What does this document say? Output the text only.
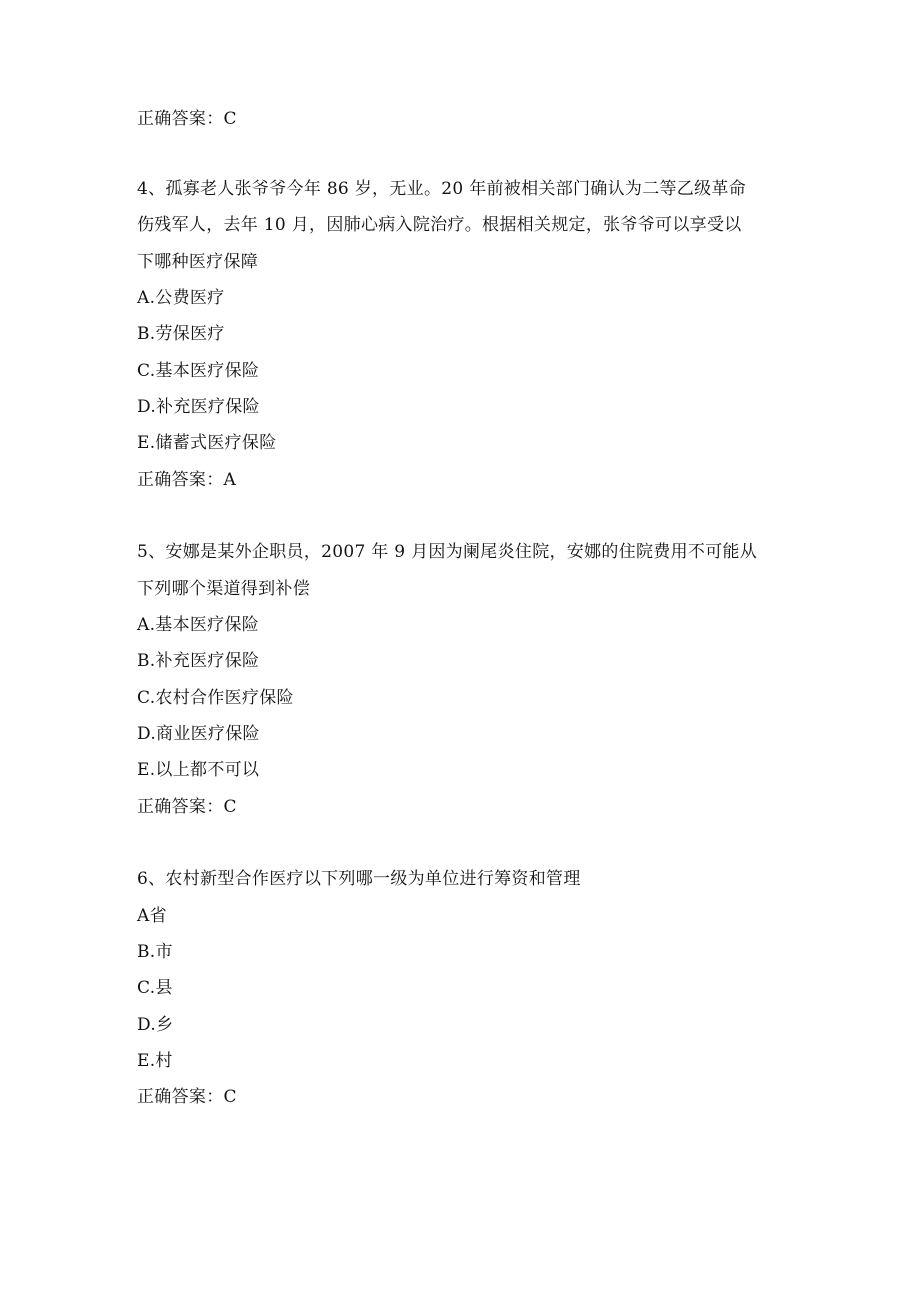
正确答案：C
4、孤寡老人张爷爷今年 86 岁，无业。20 年前被相关部门确认为二等乙级革命
伤残军人，去年 10 月，因肺心病入院治疗。根据相关规定，张爷爷可以享受以
下哪种医疗保障
A.公费医疗
B.劳保医疗
C.基本医疗保险
D.补充医疗保险
E.储蓄式医疗保险
正确答案：A
5、安娜是某外企职员，2007 年 9 月因为阑尾炎住院，安娜的住院费用不可能从
下列哪个渠道得到补偿
A.基本医疗保险
B.补充医疗保险
C.农村合作医疗保险
D.商业医疗保险
E.以上都不可以
正确答案：C
6、农村新型合作医疗以下列哪一级为单位进行筹资和管理
A省
B.市
C.县
D.乡
E.村
正确答案：C
